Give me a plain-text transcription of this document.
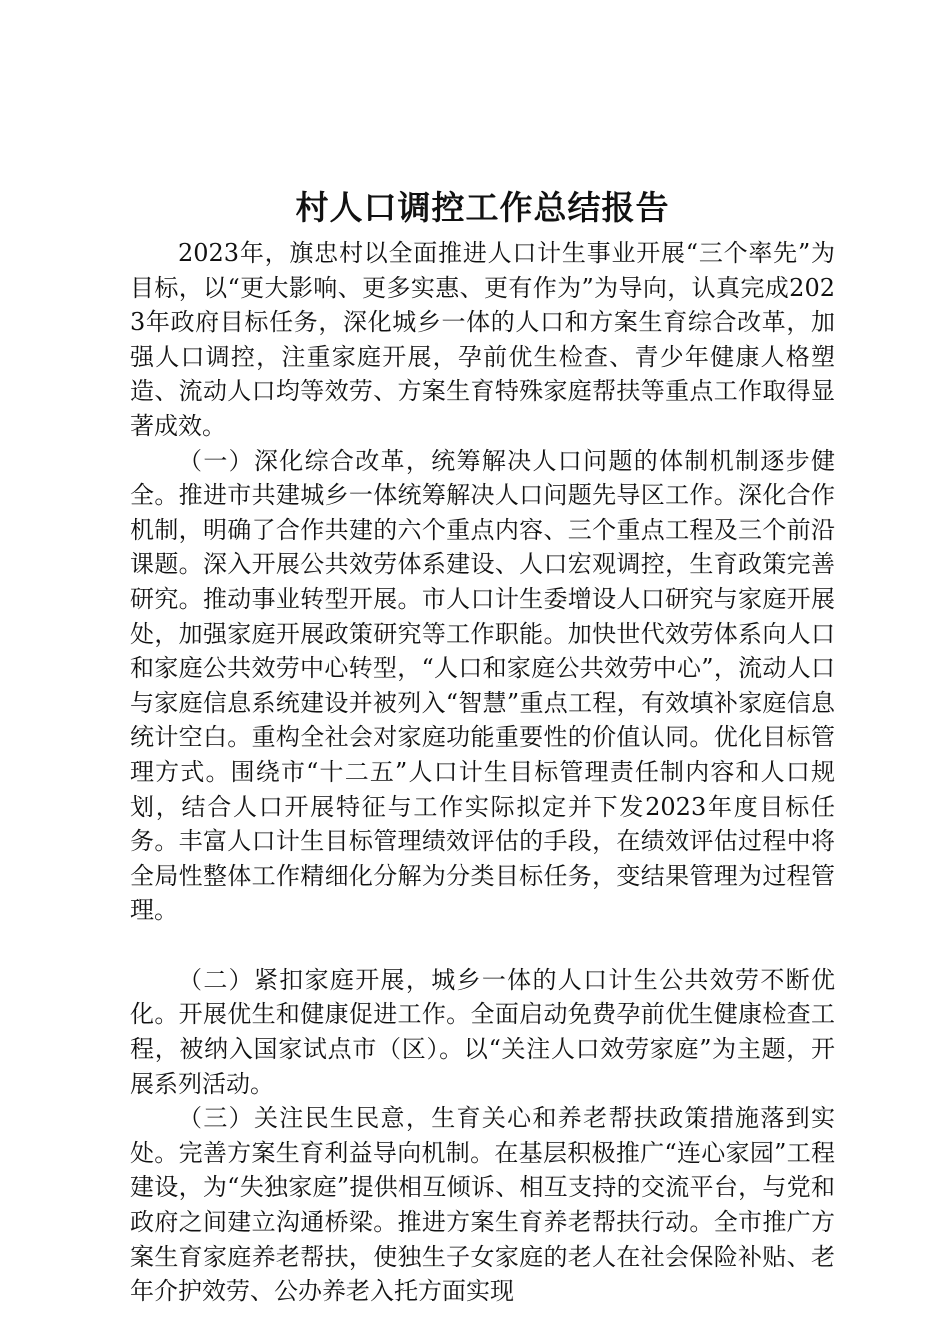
村人口调控工作总结报告

2023年，旗忠村以全面推进人口计生事业开展“三个率先”为目标，以“更大影响、更多实惠、更有作为”为导向，认真完成2023年政府目标任务，深化城乡一体的人口和方案生育综合改革，加强人口调控，注重家庭开展，孕前优生检查、青少年健康人格塑造、流动人口均等效劳、方案生育特殊家庭帮扶等重点工作取得显著成效。

（一）深化综合改革，统筹解决人口问题的体制机制逐步健全。推进市共建城乡一体统筹解决人口问题先导区工作。深化合作机制，明确了合作共建的六个重点内容、三个重点工程及三个前沿课题。深入开展公共效劳体系建设、人口宏观调控，生育政策完善研究。推动事业转型开展。市人口计生委增设人口研究与家庭开展处，加强家庭开展政策研究等工作职能。加快世代效劳体系向人口和家庭公共效劳中心转型，“人口和家庭公共效劳中心”，流动人口与家庭信息系统建设并被列入“智慧”重点工程，有效填补家庭信息统计空白。重构全社会对家庭功能重要性的价值认同。优化目标管理方式。围绕市“十二五”人口计生目标管理责任制内容和人口规划，结合人口开展特征与工作实际拟定并下发2023年度目标任务。丰富人口计生目标管理绩效评估的手段，在绩效评估过程中将全局性整体工作精细化分解为分类目标任务，变结果管理为过程管理。

（二）紧扣家庭开展，城乡一体的人口计生公共效劳不断优化。开展优生和健康促进工作。全面启动免费孕前优生健康检查工程，被纳入国家试点市（区）。以“关注人口效劳家庭”为主题，开展系列活动。

（三）关注民生民意，生育关心和养老帮扶政策措施落到实处。完善方案生育利益导向机制。在基层积极推广“连心家园”工程建设，为“失独家庭”提供相互倾诉、相互支持的交流平台，与党和政府之间建立沟通桥梁。推进方案生育养老帮扶行动。全市推广方案生育家庭养老帮扶，使独生子女家庭的老人在社会保险补贴、老年介护效劳、公办养老入托方面实现
